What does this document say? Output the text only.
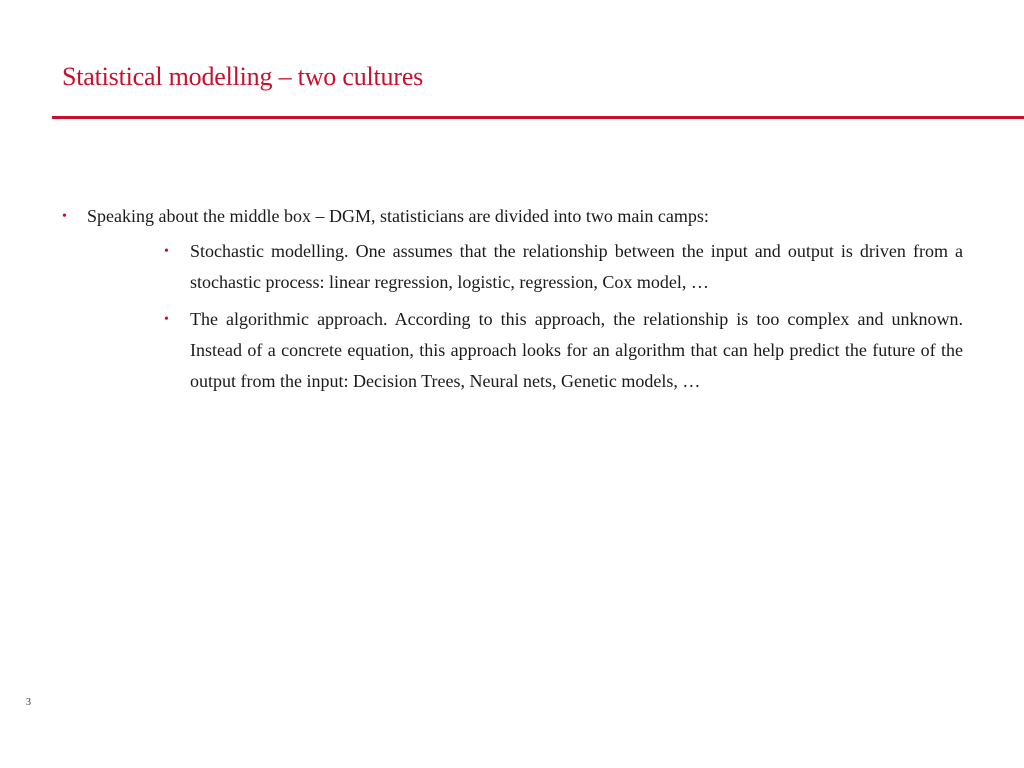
Statistical modelling – two cultures
• Speaking about the middle box – DGM, statisticians are divided into two main camps:
• Stochastic modelling. One assumes that the relationship between the input and output is driven from a stochastic process: linear regression, logistic, regression, Cox model, …
• The algorithmic approach. According to this approach, the relationship is too complex and unknown. Instead of a concrete equation, this approach looks for an algorithm that can help predict the future of the output from the input: Decision Trees, Neural nets, Genetic models, …
3
